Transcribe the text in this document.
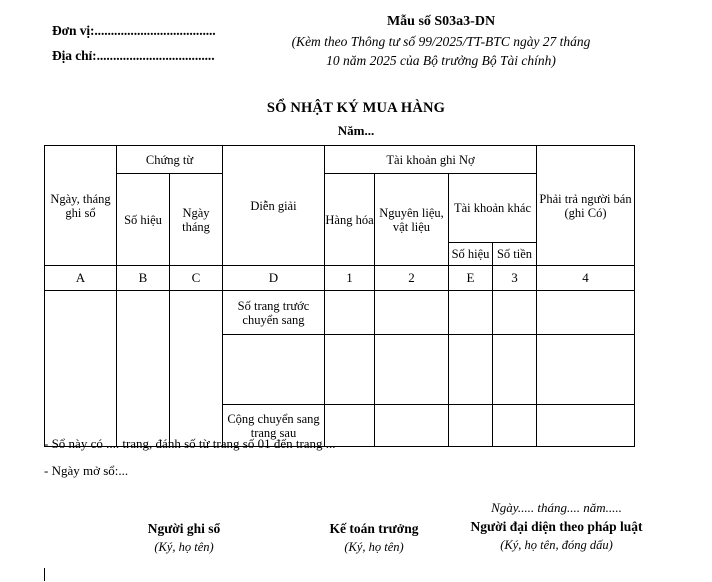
Đơn vị:.....................................
Địa chỉ:....................................
Mẫu số S03a3-DN
(Kèm theo Thông tư số 99/2025/TT-BTC ngày 27 tháng
10 năm 2025 của Bộ trưởng Bộ Tài chính)
SỔ NHẬT KÝ MUA HÀNG
Năm...
Ngày, tháng ghi sổ	Chứng từ		Diễn giải	Tài khoản ghi Nợ				Phải trả người bán (ghi Có)
	Số hiệu	Ngày tháng		Hàng hóa	Nguyên liệu, vật liệu	Tài khoản khác		
						Số hiệu	Số tiền	
A	B	C	D	1	2	E	3	4
			Số trang trước chuyển sang					

			Cộng chuyển sang trang sau					
- Sổ này có .... trang, đánh số từ trang số 01 đến trang ...
- Ngày mở sổ:...
Người ghi sổ
(Ký, họ tên)
Kế toán trưởng
(Ký, họ tên)
Ngày..... tháng.... năm.....
Người đại diện theo pháp luật
(Ký, họ tên, đóng dấu)
